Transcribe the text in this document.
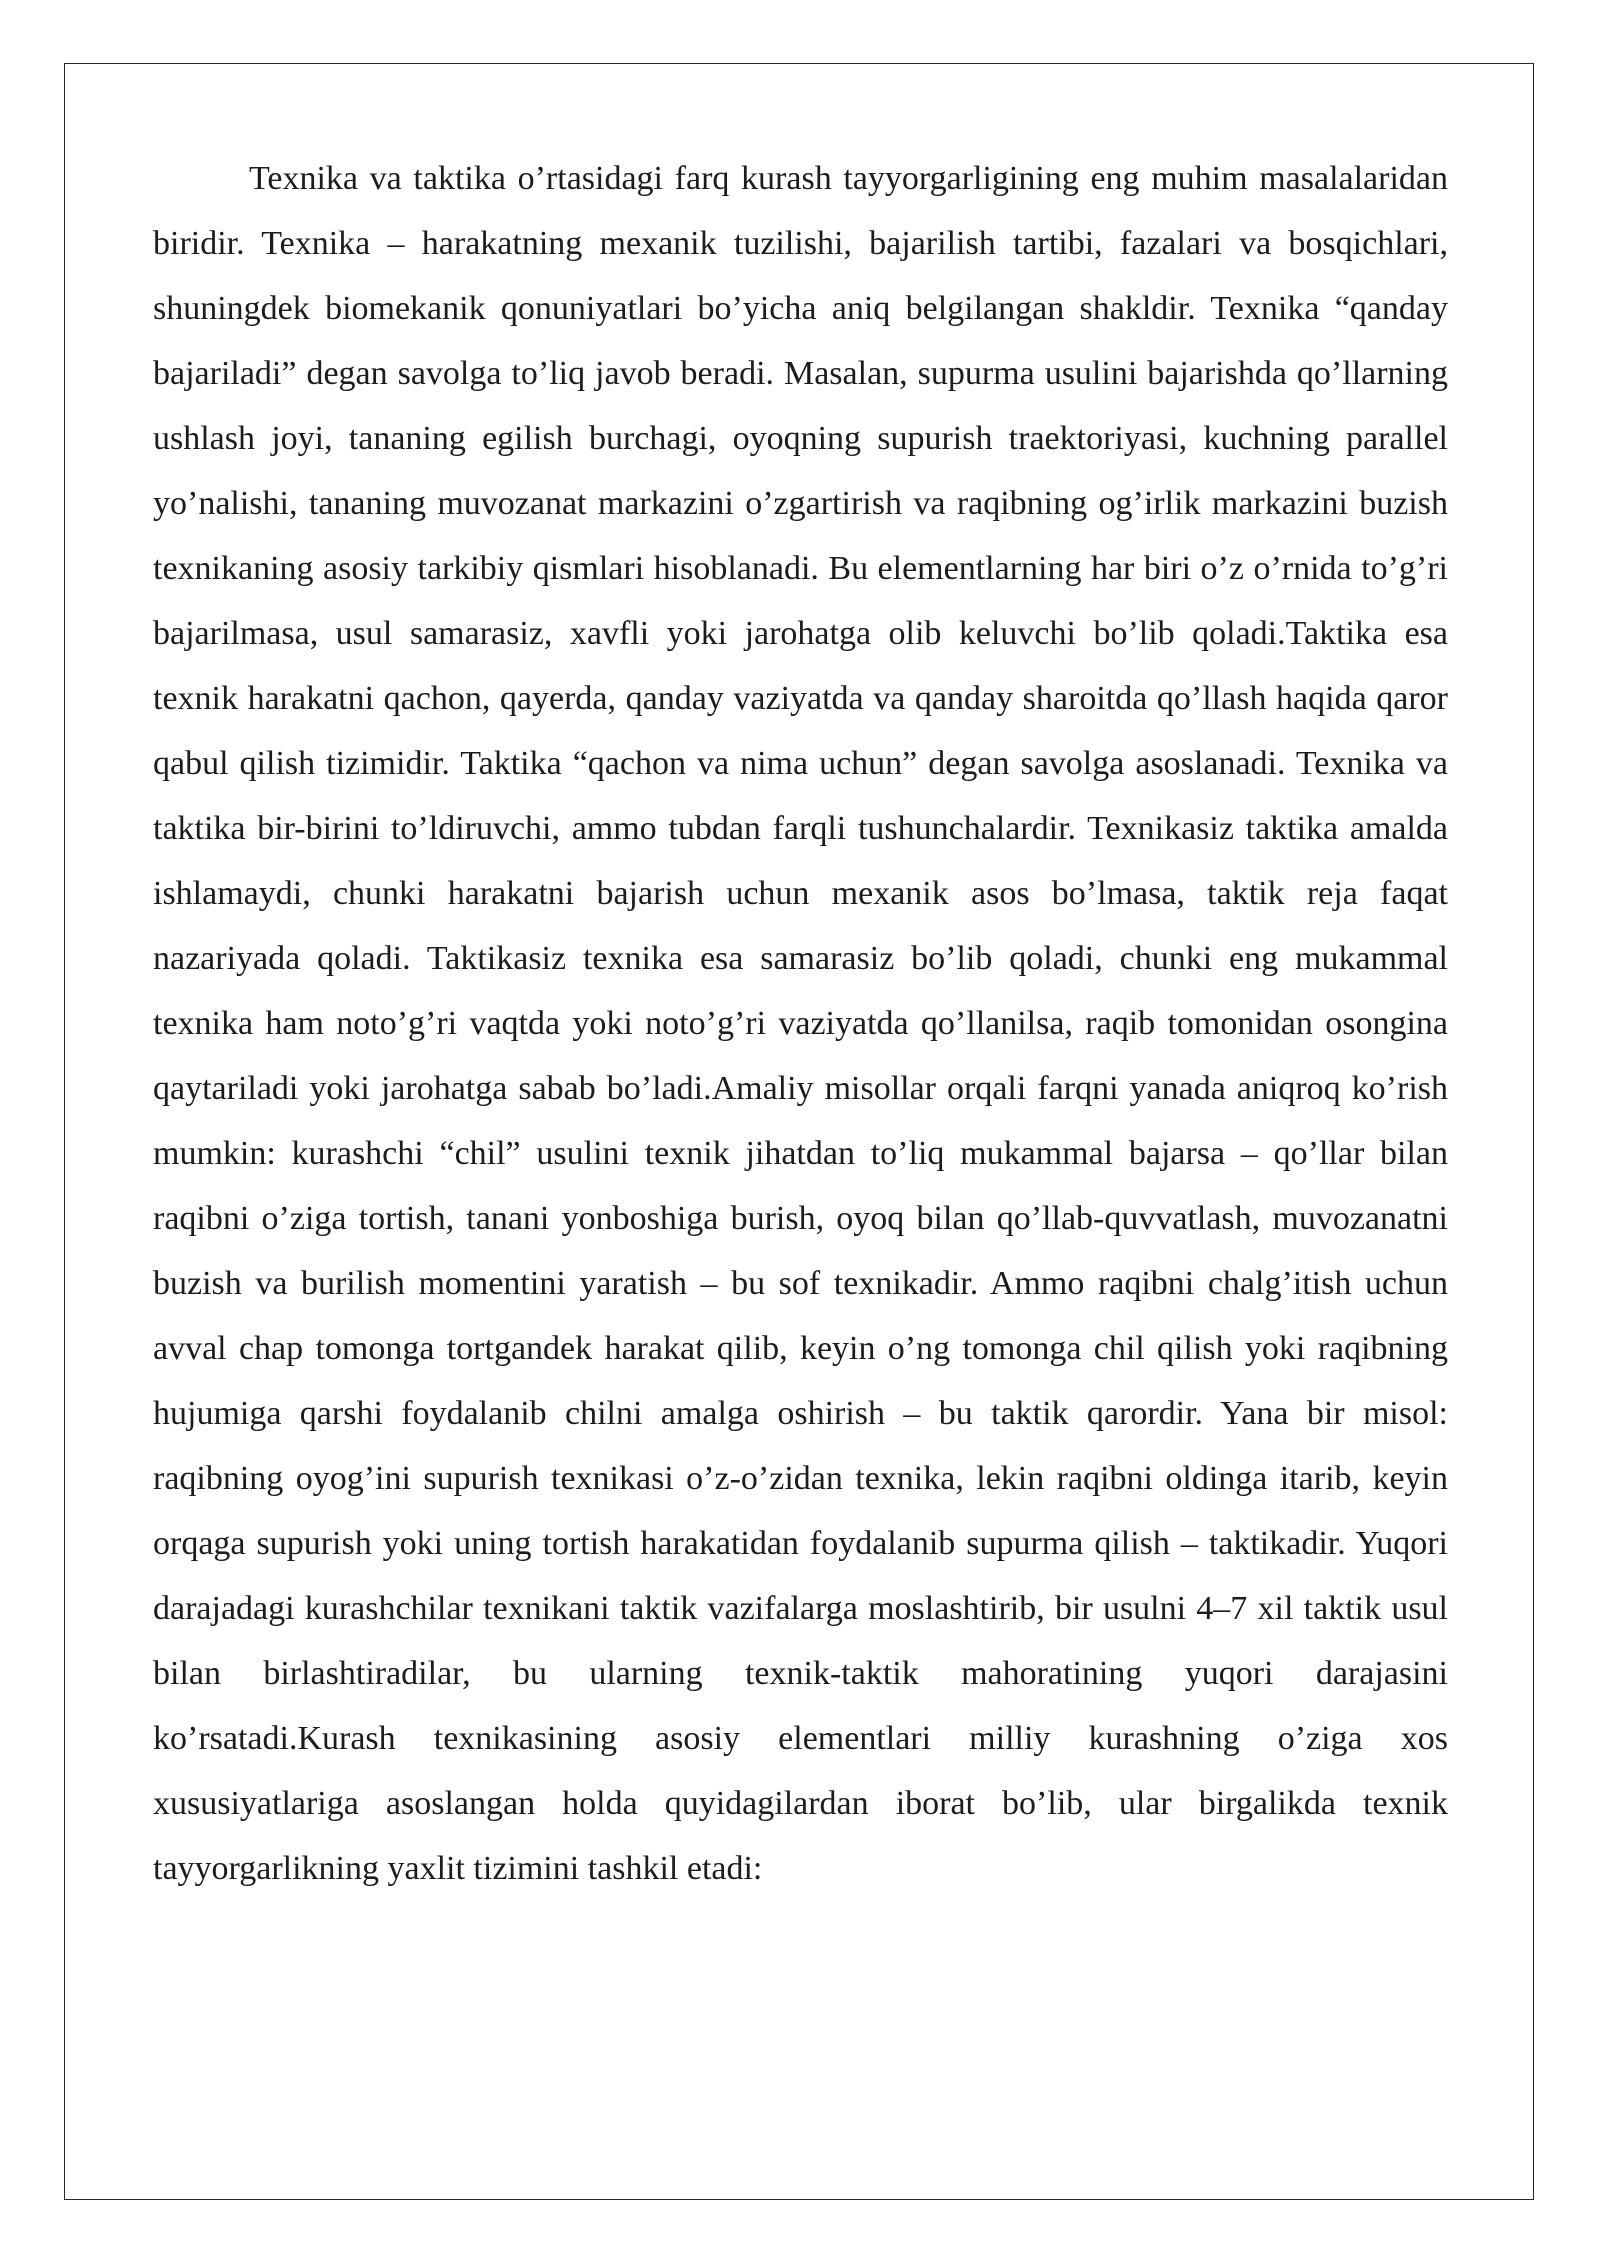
Texnika va taktika o’rtasidagi farq kurash tayyorgarligining eng muhim masalalaridan biridir. Texnika – harakatning mexanik tuzilishi, bajarilish tartibi, fazalari va bosqichlari, shuningdek biomekanik qonuniyatlari bo’yicha aniq belgilangan shakldir. Texnika “qanday bajariladi” degan savolga to’liq javob beradi. Masalan, supurma usulini bajarishda qo’llarning ushlash joyi, tananing egilish burchagi, oyoqning supurish traektoriyasi, kuchning parallel yo’nalishi, tananing muvozanat markazini o’zgartirish va raqibning og’irlik markazini buzish texnikaning asosiy tarkibiy qismlari hisoblanadi. Bu elementlarning har biri o’z o’rnida to’g’ri bajarilmasa, usul samarasiz, xavfli yoki jarohatga olib keluvchi bo’lib qoladi.Taktika esa texnik harakatni qachon, qayerda, qanday vaziyatda va qanday sharoitda qo’llash haqida qaror qabul qilish tizimidir. Taktika “qachon va nima uchun” degan savolga asoslanadi. Texnika va taktika bir-birini to’ldiruvchi, ammo tubdan farqli tushunchalardir. Texnikasiz taktika amalda ishlamaydi, chunki harakatni bajarish uchun mexanik asos bo’lmasa, taktik reja faqat nazariyada qoladi. Taktikasiz texnika esa samarasiz bo’lib qoladi, chunki eng mukammal texnika ham noto’g’ri vaqtda yoki noto’g’ri vaziyatda qo’llanilsa, raqib tomonidan osongina qaytariladi yoki jarohatga sabab bo’ladi.Amaliy misollar orqali farqni yanada aniqroq ko’rish mumkin: kurashchi “chil” usulini texnik jihatdan to’liq mukammal bajarsa – qo’llar bilan raqibni o’ziga tortish, tanani yonboshiga burish, oyoq bilan qo’llab-quvvatlash, muvozanatni buzish va burilish momentini yaratish – bu sof texnikadir. Ammo raqibni chalg’itish uchun avval chap tomonga tortgandek harakat qilib, keyin o’ng tomonga chil qilish yoki raqibning hujumiga qarshi foydalanib chilni amalga oshirish – bu taktik qarordir. Yana bir misol: raqibning oyog’ini supurish texnikasi o’z-o’zidan texnika, lekin raqibni oldinga itarib, keyin orqaga supurish yoki uning tortish harakatidan foydalanib supurma qilish – taktikadir. Yuqori darajadagi kurashchilar texnikani taktik vazifalarga moslashtirib, bir usulni 4–7 xil taktik usul bilan birlashtiradilar, bu ularning texnik-taktik mahoratining yuqori darajasini ko’rsatadi.Kurash texnikasining asosiy elementlari milliy kurashning o’ziga xos xususiyatlariga asoslangan holda quyidagilardan iborat bo’lib, ular birgalikda texnik tayyorgarlikning yaxlit tizimini tashkil etadi:
